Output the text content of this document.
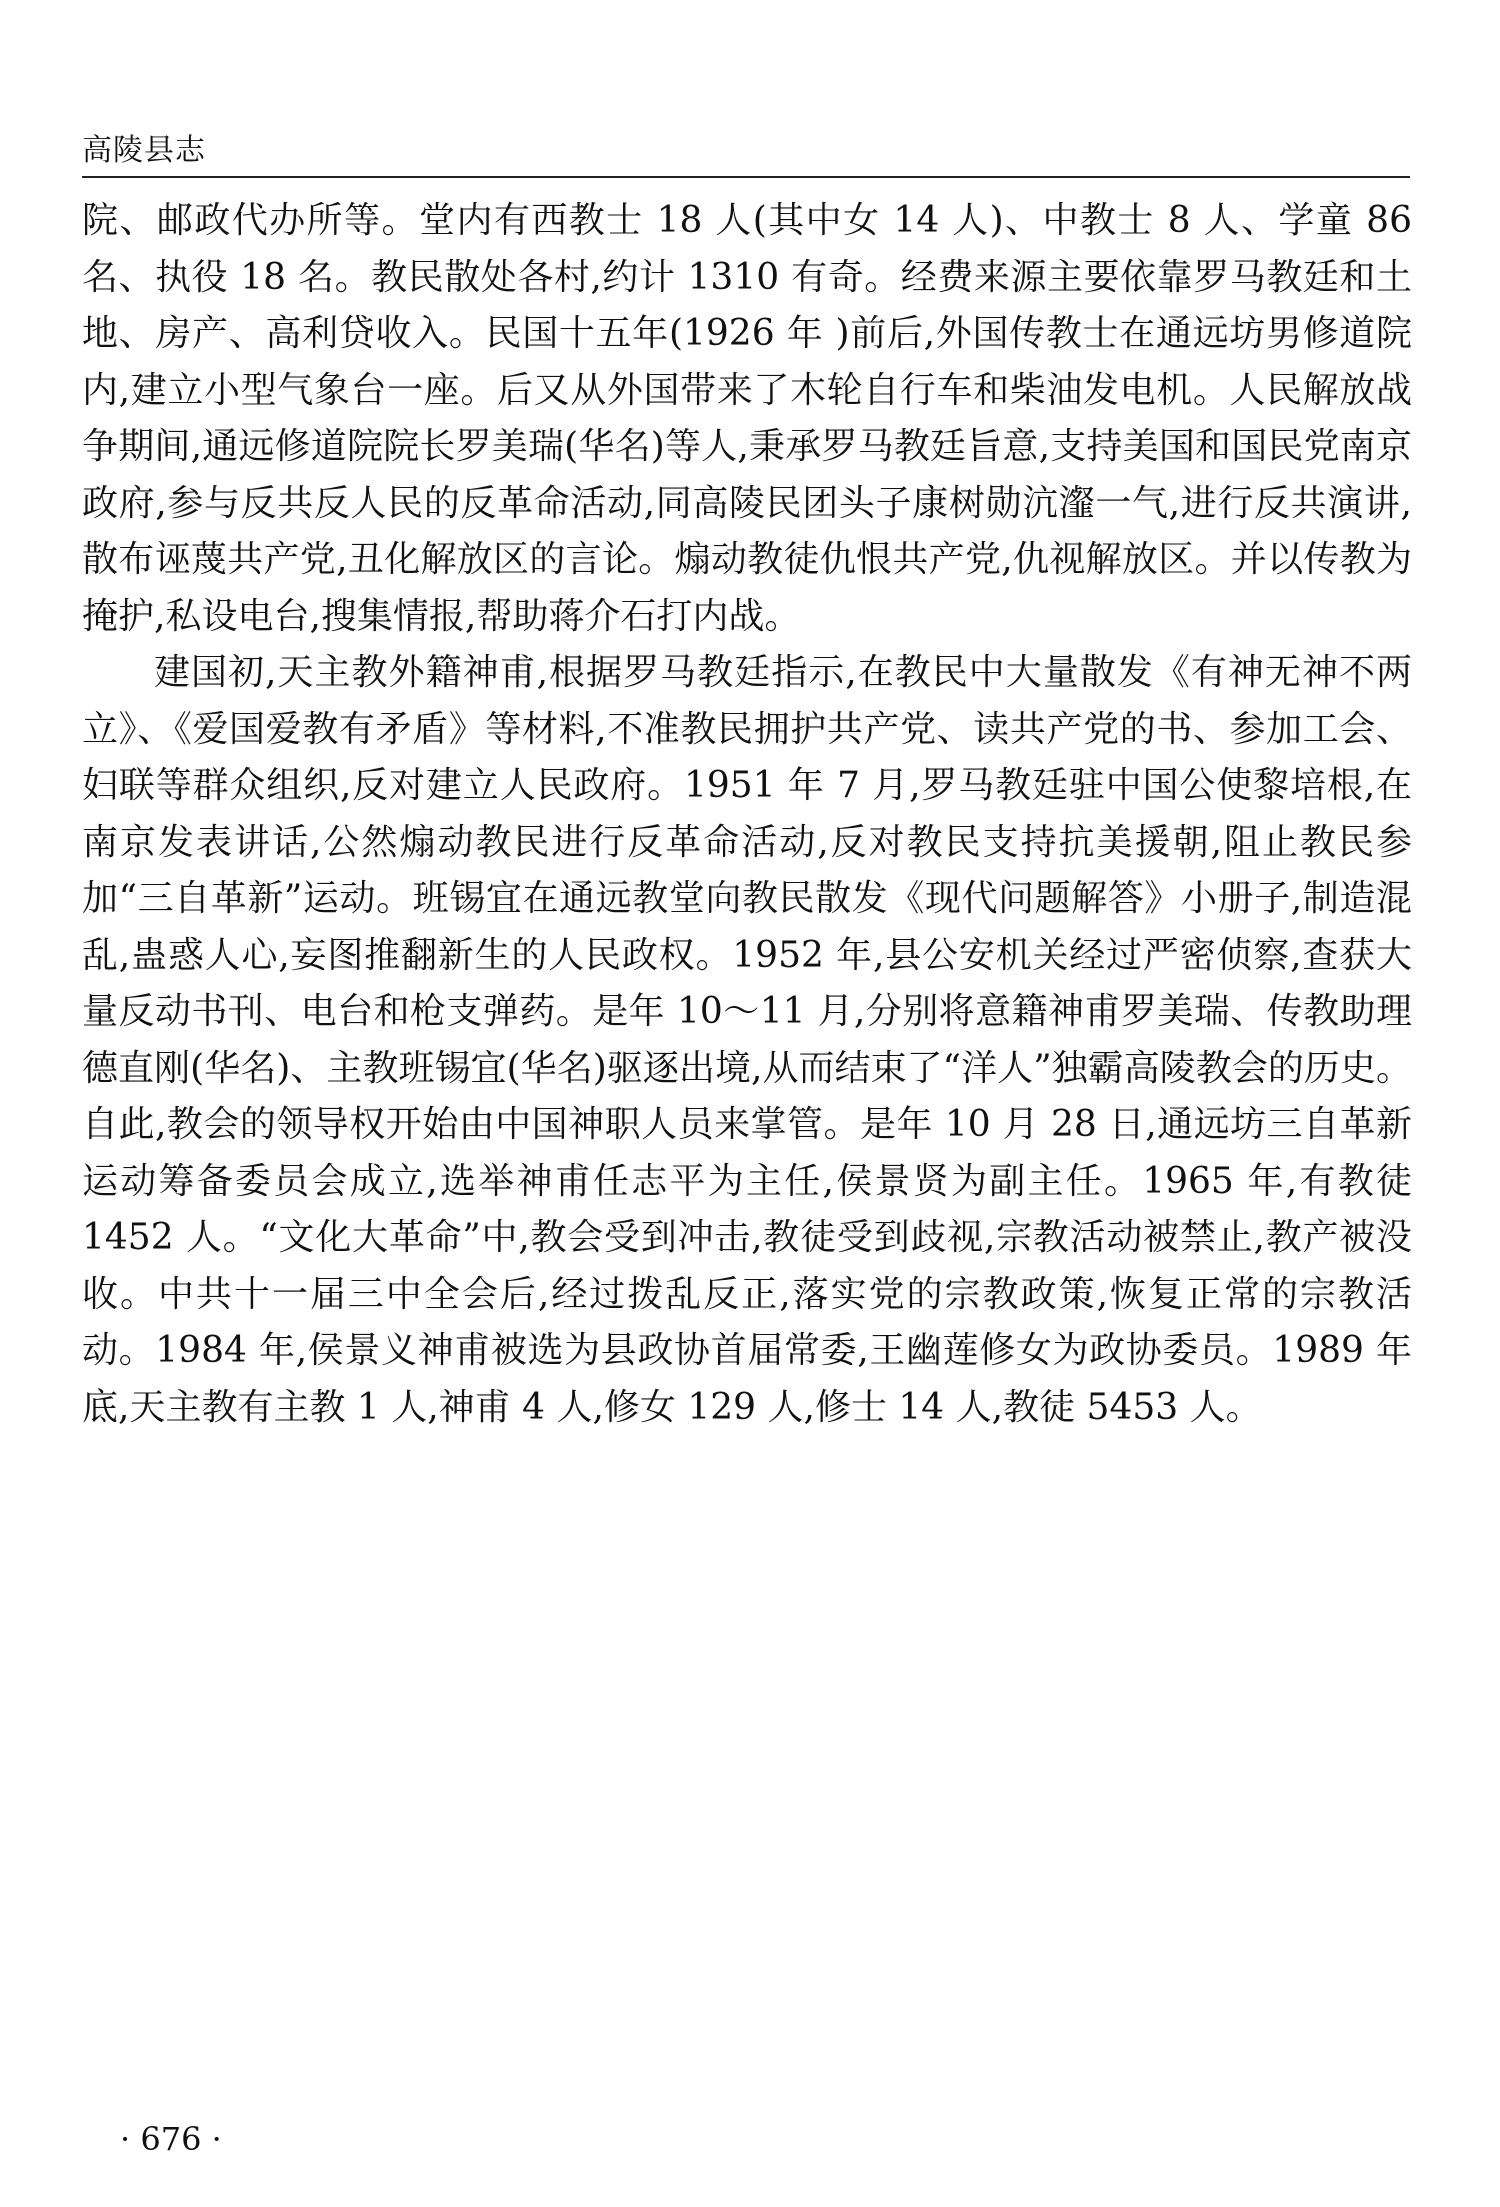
高陵县志

院、邮政代办所等。堂内有西教士 18 人(其中女 14 人)、中教士 8 人、学童 86 名、执役 18 名。教民散处各村,约计 1310 有奇。经费来源主要依靠罗马教廷和土地、房产、高利贷收入。民国十五年(1926 年 )前后,外国传教士在通远坊男修道院内,建立小型气象台一座。后又从外国带来了木轮自行车和柴油发电机。人民解放战争期间,通远修道院院长罗美瑞(华名)等人,秉承罗马教廷旨意,支持美国和国民党南京政府,参与反共反人民的反革命活动,同高陵民团头子康树勋沆瀣一气,进行反共演讲,散布诬蔑共产党,丑化解放区的言论。煽动教徒仇恨共产党,仇视解放区。并以传教为掩护,私设电台,搜集情报,帮助蒋介石打内战。

建国初,天主教外籍神甫,根据罗马教廷指示,在教民中大量散发《有神无神不两立》、《爱国爱教有矛盾》等材料,不准教民拥护共产党、读共产党的书、参加工会、妇联等群众组织,反对建立人民政府。1951 年 7 月,罗马教廷驻中国公使黎培根,在南京发表讲话,公然煽动教民进行反革命活动,反对教民支持抗美援朝,阻止教民参加“三自革新”运动。班锡宜在通远教堂向教民散发《现代问题解答》小册子,制造混乱,蛊惑人心,妄图推翻新生的人民政权。1952 年,县公安机关经过严密侦察,查获大量反动书刊、电台和枪支弹药。是年 10～11 月,分别将意籍神甫罗美瑞、传教助理德直刚(华名)、主教班锡宜(华名)驱逐出境,从而结束了“洋人”独霸高陵教会的历史。自此,教会的领导权开始由中国神职人员来掌管。是年 10 月 28 日,通远坊三自革新运动筹备委员会成立,选举神甫任志平为主任,侯景贤为副主任。1965 年,有教徒 1452 人。“文化大革命”中,教会受到冲击,教徒受到歧视,宗教活动被禁止,教产被没收。中共十一届三中全会后,经过拨乱反正,落实党的宗教政策,恢复正常的宗教活动。1984 年,侯景义神甫被选为县政协首届常委,王幽莲修女为政协委员。1989 年底,天主教有主教 1 人,神甫 4 人,修女 129 人,修士 14 人,教徒 5453 人。

· 676 ·
